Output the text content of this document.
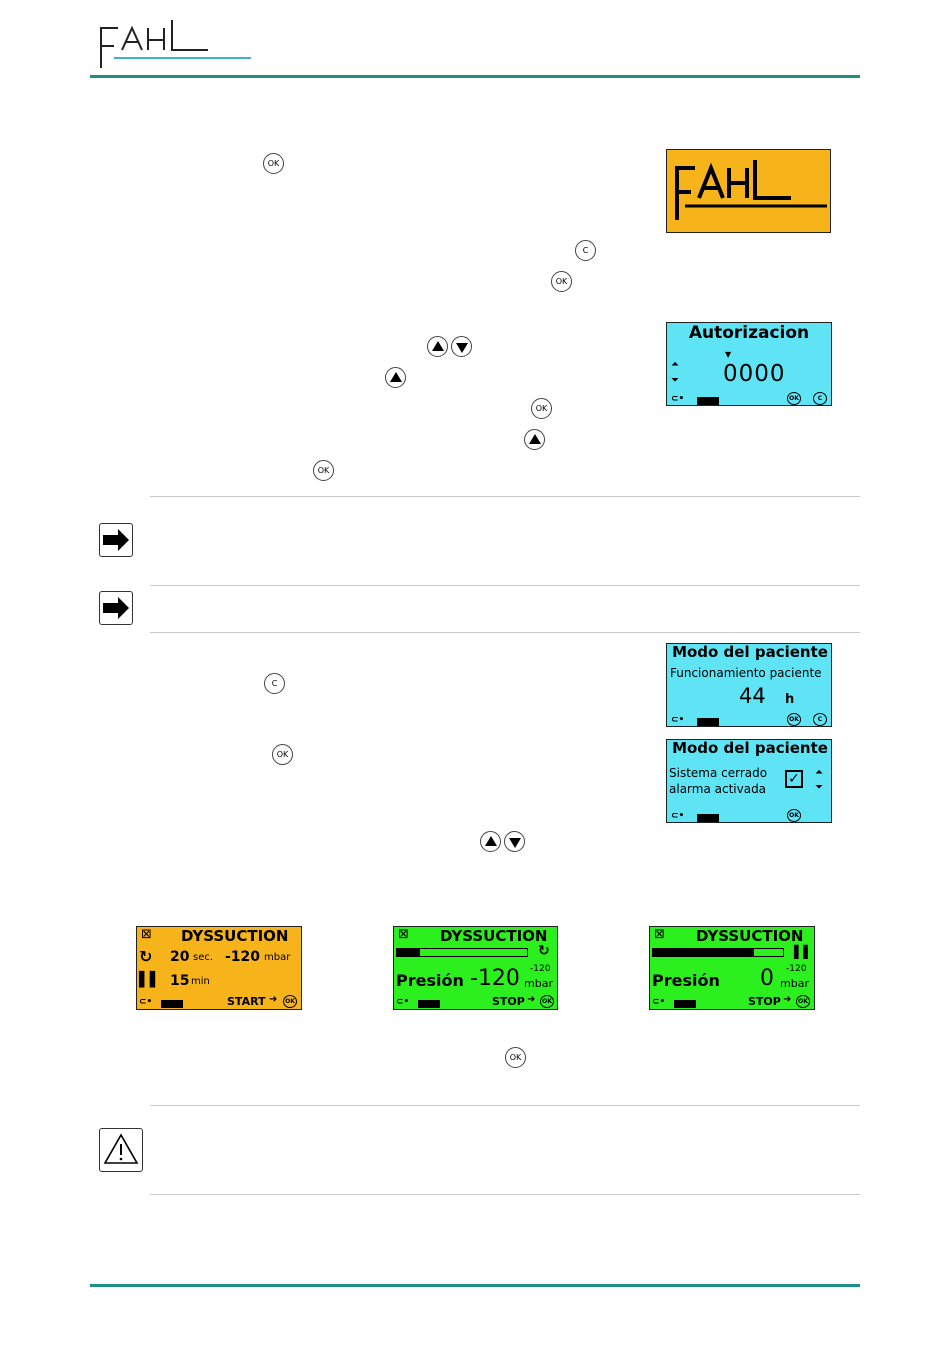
OK
C
OK
OK
OK
Autorizacion
⏶
⏷
▼
0000
⊂•	OK	C
C
OK
Modo del paciente
Funcionamiento paciente
44 h
⊂•	OK	C
Modo del paciente
Sistema cerrado
alarma activada
✓	⏶
⏷
⊂•	OK
⊠ DYSSUCTION
↻ 20 sec. -120 mbar
▌▌ 15 min
⊂•	START ➜	OK
⊠ DYSSUCTION
↻
Presión -120 -120
mbar
⊂•	STOP ➜	OK
⊠ DYSSUCTION
▌▌
Presión 0 -120
mbar
⊂•	STOP ➜	OK
OK
